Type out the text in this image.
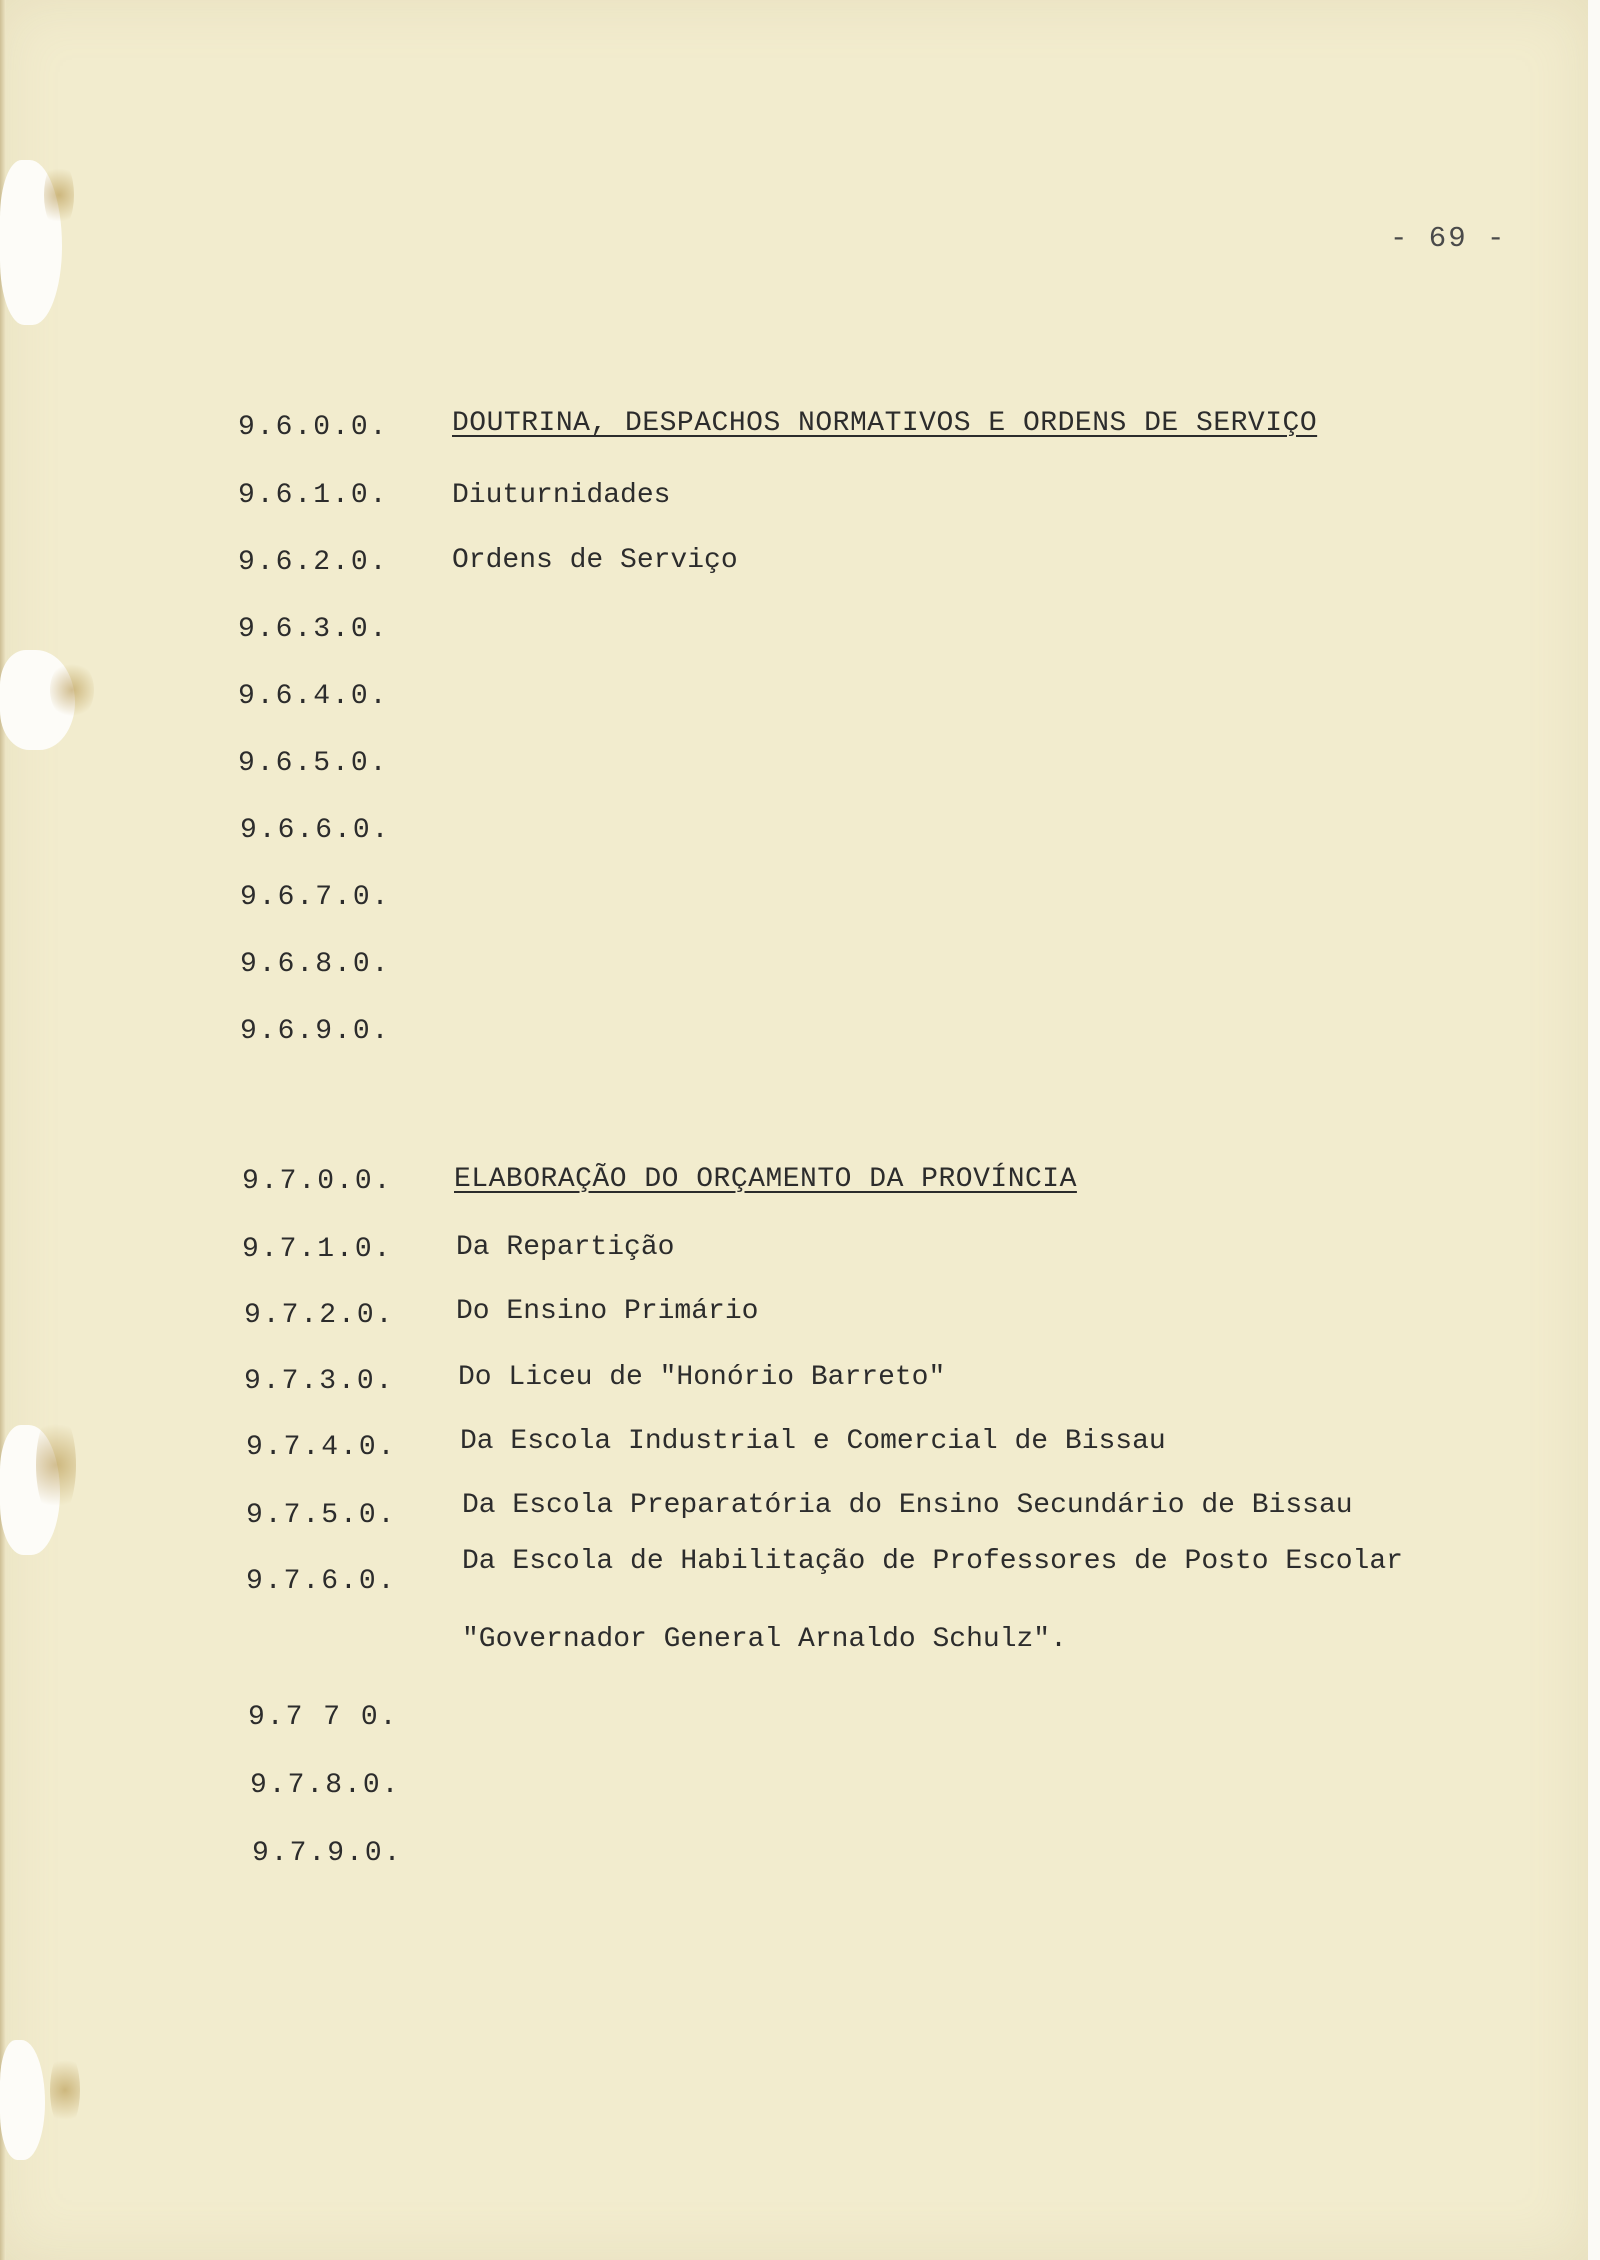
- 69 -
9.6.0.0. DOUTRINA, DESPACHOS NORMATIVOS E ORDENS DE SERVIÇO
9.6.1.0. Diuturnidades
9.6.2.0. Ordens de Serviço
9.6.3.0.
9.6.4.0.
9.6.5.0.
9.6.6.0.
9.6.7.0.
9.6.8.0.
9.6.9.0.
9.7.0.0. ELABORAÇÃO DO ORÇAMENTO DA PROVÍNCIA
9.7.1.0. Da Repartição
9.7.2.0. Do Ensino Primário
9.7.3.0. Do Liceu de "Honório Barreto"
9.7.4.0. Da Escola Industrial e Comercial de Bissau
9.7.5.0. Da Escola Preparatória do Ensino Secundário de Bissau
9.7.6.0.
Da Escola de Habilitação de Professores de Posto Escolar
"Governador General Arnaldo Schulz".
9.7 7 0.
9.7.8.0.
9.7.9.0.
